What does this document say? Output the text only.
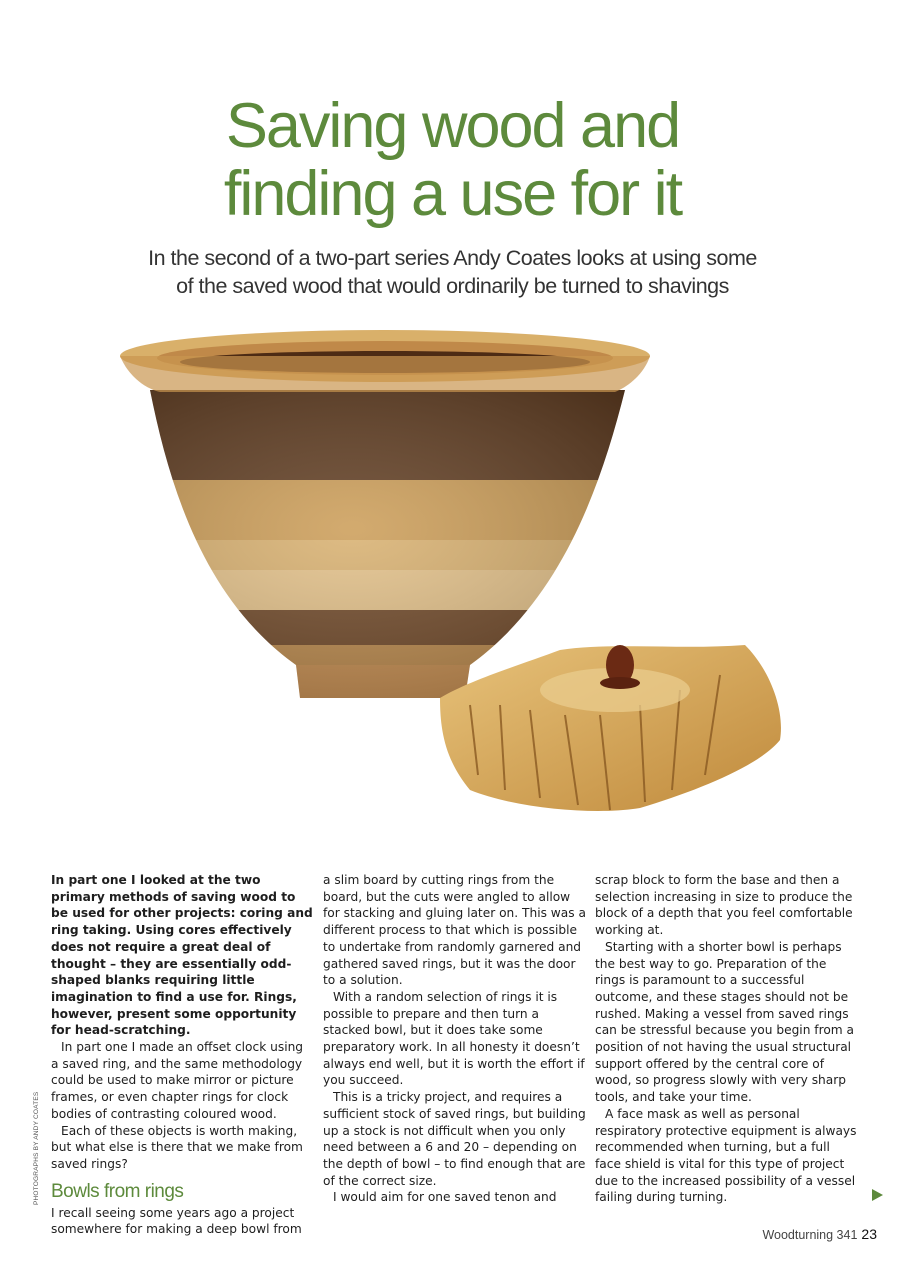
Saving wood and
finding a use for it
In the second of a two-part series Andy Coates looks at using some
of the saved wood that would ordinarily be turned to shavings

In part one I looked at the two primary methods of saving wood to be used for other projects: coring and ring taking. Using cores effectively does not require a great deal of thought – they are essentially odd-shaped blanks requiring little imagination to find a use for. Rings, however, present some opportunity for head-scratching.

In part one I made an offset clock using a saved ring, and the same methodology could be used to make mirror or picture frames, or even chapter rings for clock bodies of contrasting coloured wood.

Each of these objects is worth making, but what else is there that we make from saved rings?

Bowls from rings

I recall seeing some years ago a project somewhere for making a deep bowl from

a slim board by cutting rings from the board, but the cuts were angled to allow for stacking and gluing later on. This was a different process to that which is possible to undertake from randomly garnered and gathered saved rings, but it was the door to a solution.

With a random selection of rings it is possible to prepare and then turn a stacked bowl, but it does take some preparatory work. In all honesty it doesn’t always end well, but it is worth the effort if you succeed.

This is a tricky project, and requires a sufficient stock of saved rings, but building up a stock is not difficult when you only need between a 6 and 20 – depending on the depth of bowl – to find enough that are of the correct size.

I would aim for one saved tenon and

scrap block to form the base and then a selection increasing in size to produce the block of a depth that you feel comfortable working at.

Starting with a shorter bowl is perhaps the best way to go. Preparation of the rings is paramount to a successful outcome, and these stages should not be rushed. Making a vessel from saved rings can be stressful because you begin from a position of not having the usual structural support offered by the central core of wood, so progress slowly with very sharp tools, and take your time.

A face mask as well as personal respiratory protective equipment is always recommended when turning, but a full face shield is vital for this type of project due to the increased possibility of a vessel failing during turning.

PHOTOGRAPHS BY ANDY COATES
Woodturning 341 23
